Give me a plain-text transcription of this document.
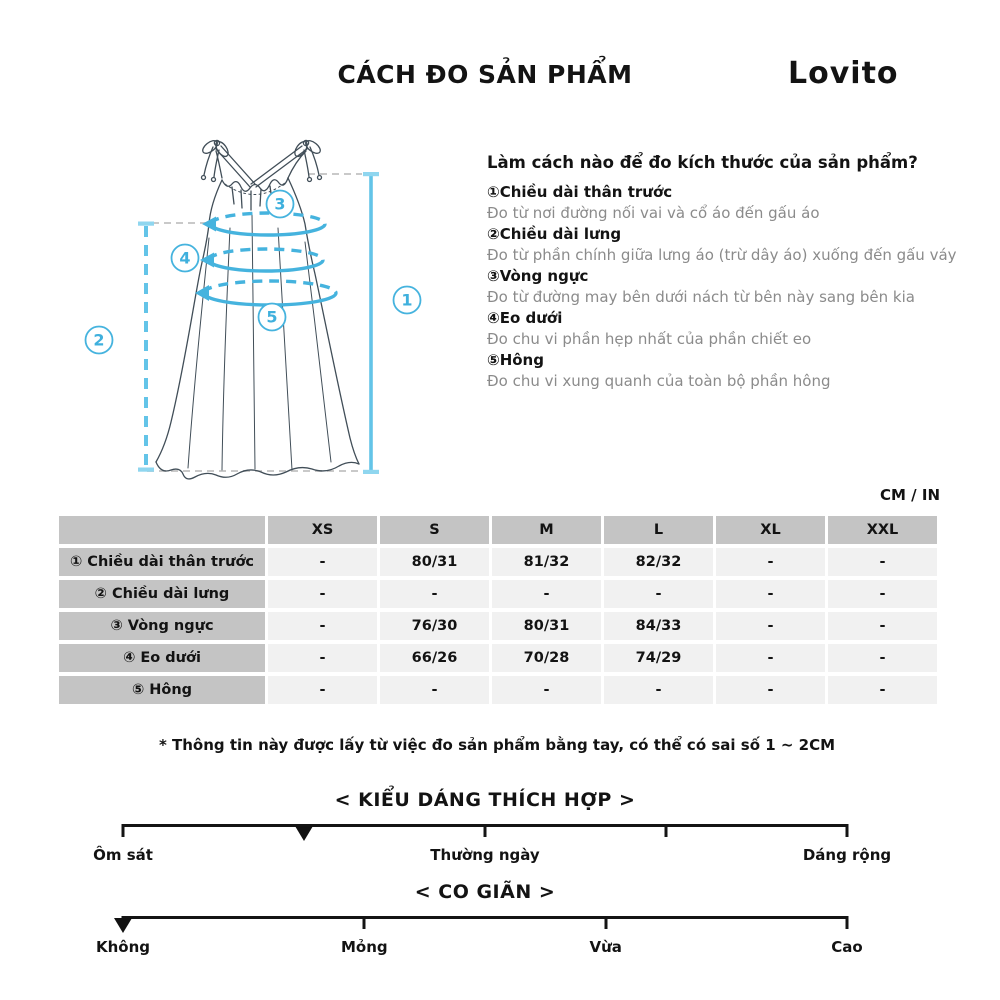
CÁCH ĐO SẢN PHẨM	Lovito
1
2
3
4
5
Làm cách nào để đo kích thước của sản phẩm?
①Chiều dài thân trước
Đo từ nơi đường nối vai và cổ áo đến gấu áo
②Chiều dài lưng
Đo từ phần chính giữa lưng áo (trừ dây áo) xuống đến gấu váy
③Vòng ngực
Đo từ đường may bên dưới nách từ bên này sang bên kia
④Eo dưới
Đo chu vi phần hẹp nhất của phần chiết eo
⑤Hông
Đo chu vi xung quanh của toàn bộ phần hông
CM / IN
	XS	S	M	L	XL	XXL
① Chiều dài thân trước	-	80/31	81/32	82/32	-	-
② Chiều dài lưng	-	-	-	-	-	-
③ Vòng ngực	-	76/30	80/31	84/33	-	-
④ Eo dưới	-	66/26	70/28	74/29	-	-
⑤ Hông	-	-	-	-	-	-
* Thông tin này được lấy từ việc đo sản phẩm bằng tay, có thể có sai số 1 ~ 2CM
< KIỂU DÁNG THÍCH HỢP >
Ôm sát	Thường ngày	Dáng rộng
< CO GIÃN >
Không	Mỏng	Vừa	Cao
